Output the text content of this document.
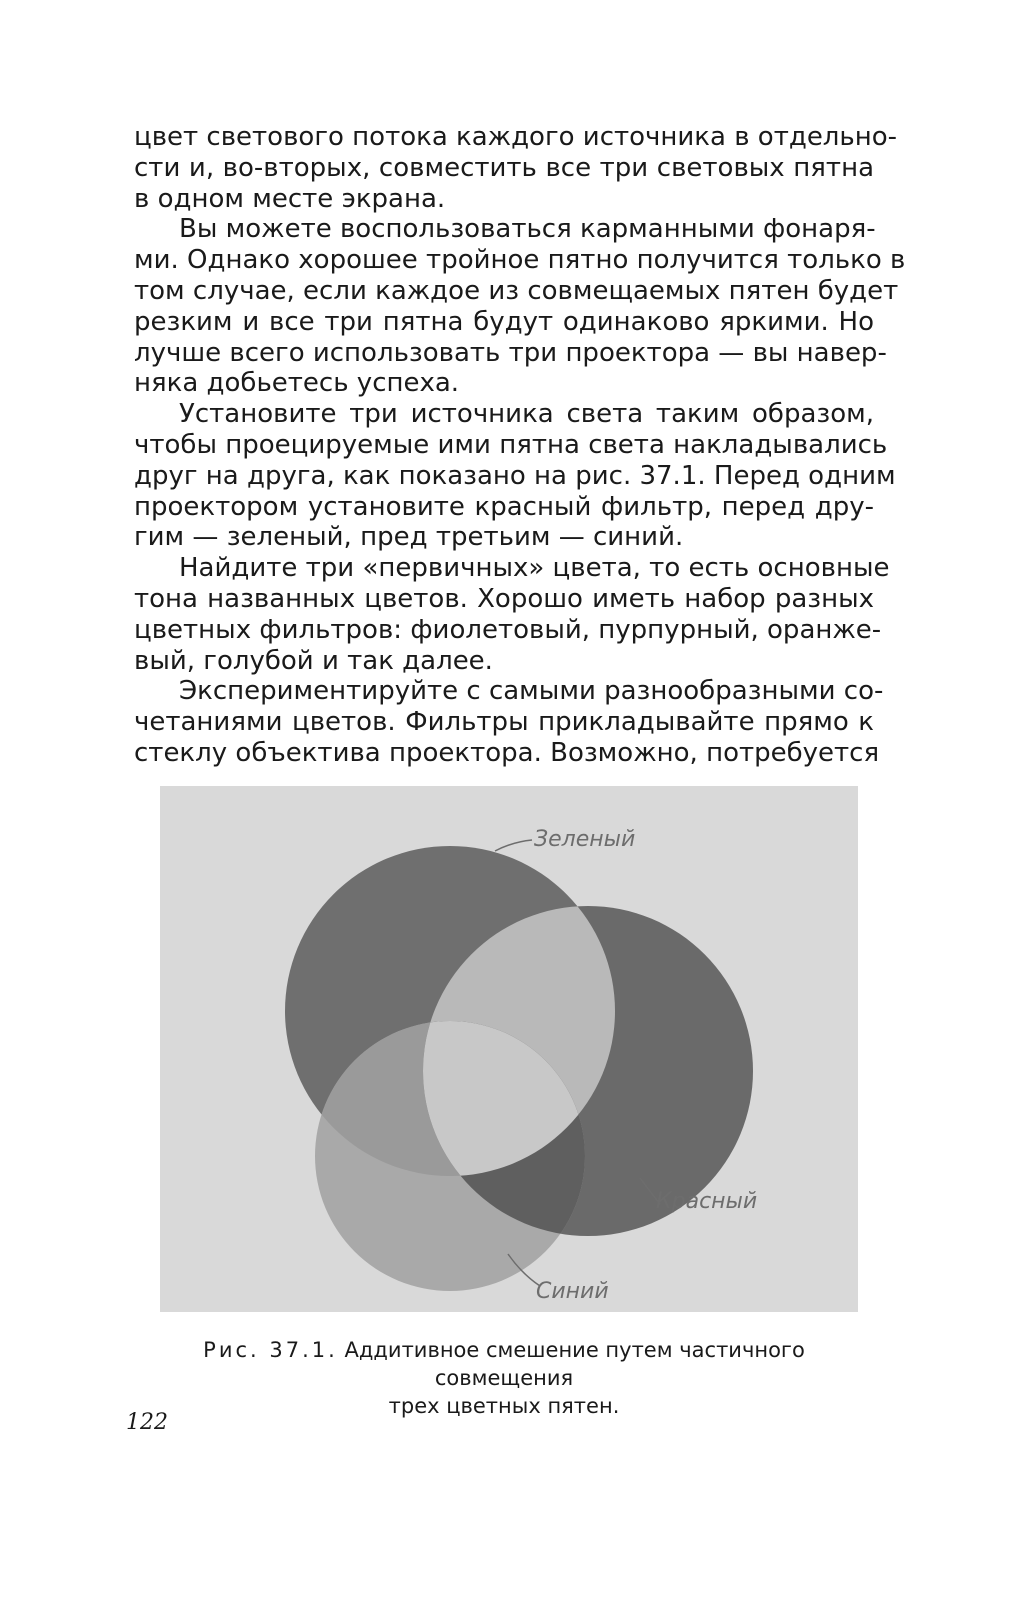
цвет светового потока каждого источника в отдельно-
сти и, во-вторых, совместить все три световых пятна
в одном месте экрана.

Вы можете воспользоваться карманными фонаря-
ми. Однако хорошее тройное пятно получится только в
том случае, если каждое из совмещаемых пятен будет
резким и все три пятна будут одинаково яркими. Но
лучше всего использовать три проектора — вы навер-
няка добьетесь успеха.

Установите три источника света таким образом,
чтобы проецируемые ими пятна света накладывались
друг на друга, как показано на рис. 37.1. Перед одним
проектором установите красный фильтр, перед дру-
гим — зеленый, пред третьим — синий.

Найдите три «первичных» цвета, то есть основные
тона названных цветов. Хорошо иметь набор разных
цветных фильтров: фиолетовый, пурпурный, оранже-
вый, голубой и так далее.

Экспериментируйте с самыми разнообразными со-
четаниями цветов. Фильтры прикладывайте прямо к
стеклу объектива проектора. Возможно, потребуется

Зеленый
Красный
Синий
Рис. 37.1. Аддитивное смешение путем частичного совмещения
трех цветных пятен.
122
